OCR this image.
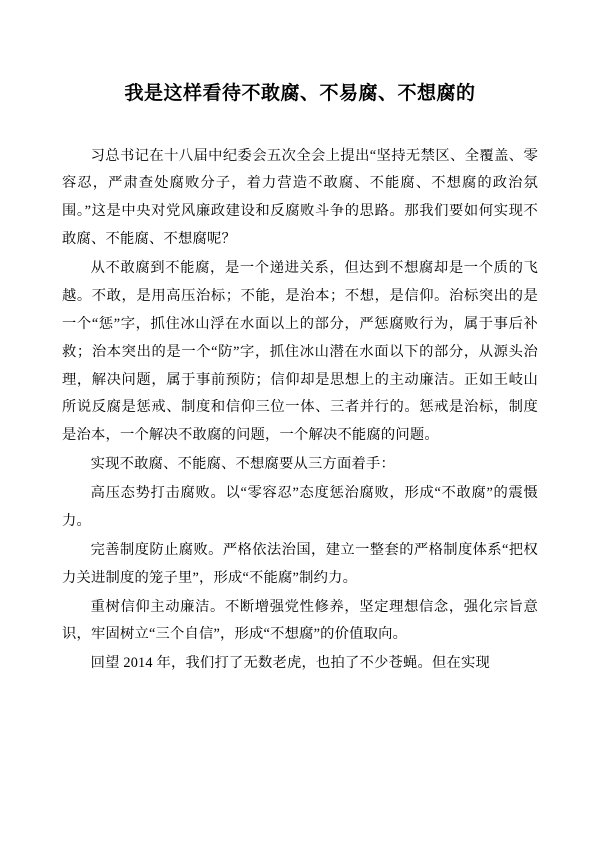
我是这样看待不敢腐、不易腐、不想腐的

习总书记在十八届中纪委会五次全会上提出“坚持无禁区、全覆盖、零容忍，严肃查处腐败分子，着力营造不敢腐、不能腐、不想腐的政治氛围。”这是中央对党风廉政建设和反腐败斗争的思路。那我们要如何实现不敢腐、不能腐、不想腐呢？

从不敢腐到不能腐，是一个递进关系，但达到不想腐却是一个质的飞越。不敢，是用高压治标；不能，是治本；不想，是信仰。治标突出的是一个“惩”字，抓住冰山浮在水面以上的部分，严惩腐败行为，属于事后补救；治本突出的是一个“防”字，抓住冰山潜在水面以下的部分，从源头治理，解决问题，属于事前预防；信仰却是思想上的主动廉洁。正如王岐山所说反腐是惩戒、制度和信仰三位一体、三者并行的。惩戒是治标，制度是治本，一个解决不敢腐的问题，一个解决不能腐的问题。

实现不敢腐、不能腐、不想腐要从三方面着手：

高压态势打击腐败。以“零容忍”态度惩治腐败，形成“不敢腐”的震慑力。

完善制度防止腐败。严格依法治国，建立一整套的严格制度体系“把权力关进制度的笼子里”，形成“不能腐”制约力。

重树信仰主动廉洁。不断增强党性修养，坚定理想信念，强化宗旨意识，牢固树立“三个自信”，形成“不想腐”的价值取向。

回望 2014 年，我们打了无数老虎，也拍了不少苍蝇。但在实现
